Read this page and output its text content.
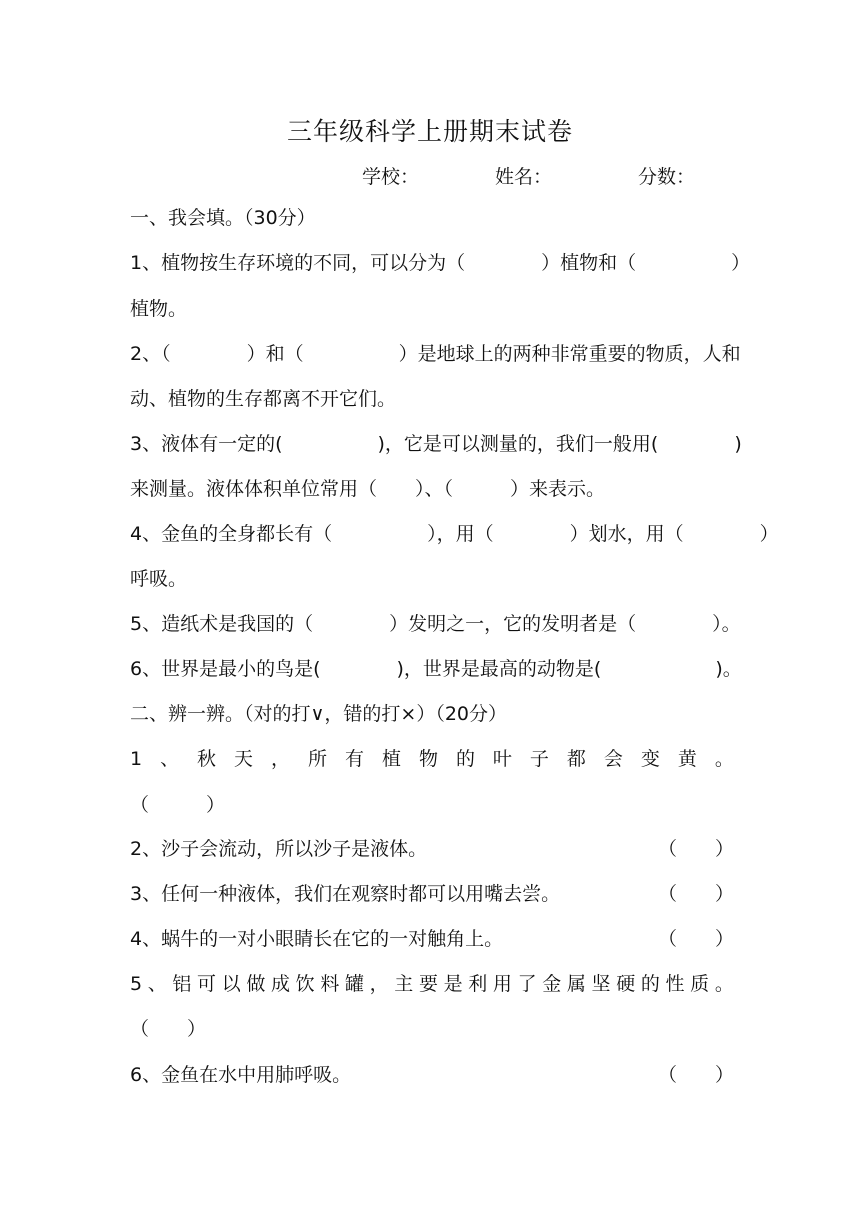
三年级科学上册期末试卷
学校：	姓名：	分数：
一、我会填。（30分）
1、植物按生存环境的不同，可以分为（　　　　）植物和（　　　　　）
植物。
2、（　　　　）和（　　　　　）是地球上的两种非常重要的物质，人和
动、植物的生存都离不开它们。
3、液体有一定的(　　　　　)，它是可以测量的，我们一般用(　　　　)
来测量。液体体积单位常用（　　）、（　　　）来表示。
4、金鱼的全身都长有（　　　　　），用（　　　　）划水，用（　　　　）
呼吸。
5、造纸术是我国的（　　　　）发明之一，它的发明者是（　　　　）。
6、世界是最小的鸟是(　　　　)，世界是最高的动物是(　　　　　　)。
二、辨一辨。（对的打∨，错的打×）（20分）
1 、 秋 天 ， 所 有 植 物 的 叶 子 都 会 变 黄 。
（　　　）
2、沙子会流动，所以沙子是液体。	（　　）
3、任何一种液体，我们在观察时都可以用嘴去尝。	（　　）
4、蜗牛的一对小眼睛长在它的一对触角上。	（　　）
5 、 铝 可 以 做 成 饮 料 罐 ， 主 要 是 利 用 了 金 属 坚 硬 的 性 质 。
（　　）
6、金鱼在水中用肺呼吸。	（　　）
